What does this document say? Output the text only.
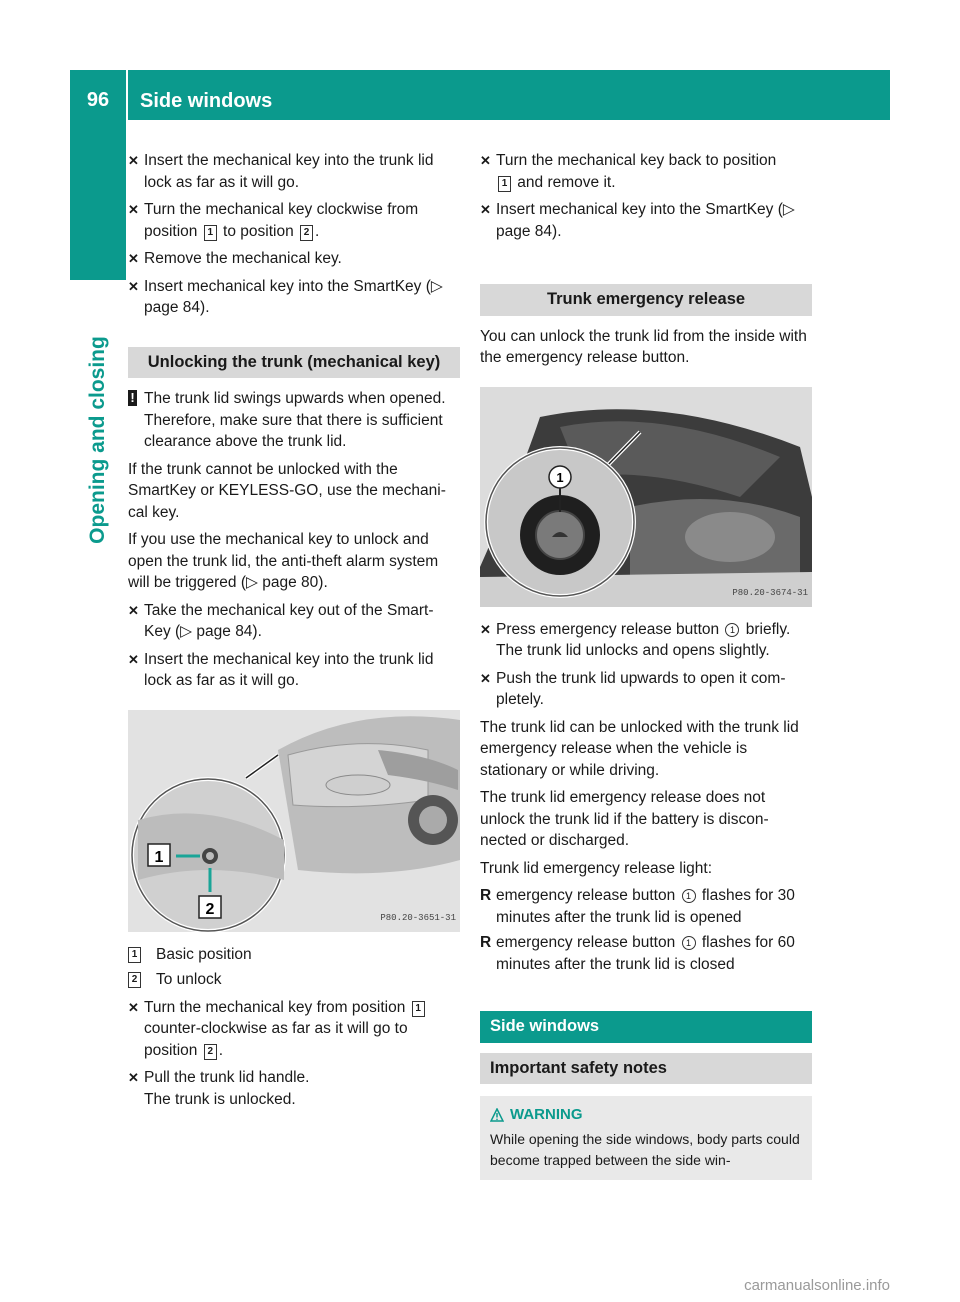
96	Side windows
Opening and closing
✕ Insert the mechanical key into the trunk lid lock as far as it will go.
✕ Turn the mechanical key clockwise from position 1 to position 2 .
✕ Remove the mechanical key.
✕ Insert mechanical key into the SmartKey (▷ page 84).
Unlocking the trunk (mechanical key)
! The trunk lid swings upwards when opened. Therefore, make sure that there is sufficient clearance above the trunk lid.

If the trunk cannot be unlocked with the SmartKey or KEYLESS-GO, use the mechani-cal key.

If you use the mechanical key to unlock and open the trunk lid, the anti-theft alarm system will be triggered (▷ page 80).

✕ Take the mechanical key out of the Smart-Key (▷ page 84).
✕ Insert the mechanical key into the trunk lid lock as far as it will go.
1
2
P80.20-3651-31
1 Basic position
2 To unlock
✕ Turn the mechanical key from position 1 counter-clockwise as far as it will go to position 2 .
✕ Pull the trunk lid handle.
The trunk is unlocked.
✕ Turn the mechanical key back to position
1 and remove it.
✕ Insert mechanical key into the SmartKey (▷ page 84).
Trunk emergency release

You can unlock the trunk lid from the inside with the emergency release button.

1
P80.20-3674-31
✕ Press emergency release button 1 briefly.
The trunk lid unlocks and opens slightly.
✕ Push the trunk lid upwards to open it com-pletely.

The trunk lid can be unlocked with the trunk lid emergency release when the vehicle is stationary or while driving.

The trunk lid emergency release does not unlock the trunk lid if the battery is discon-nected or discharged.

Trunk lid emergency release light:

R emergency release button 1 flashes for 30 minutes after the trunk lid is opened
R emergency release button 1 flashes for 60 minutes after the trunk lid is closed
Side windows
Important safety notes
WARNING
While opening the side windows, body parts could become trapped between the side win-
carmanualsonline.info
